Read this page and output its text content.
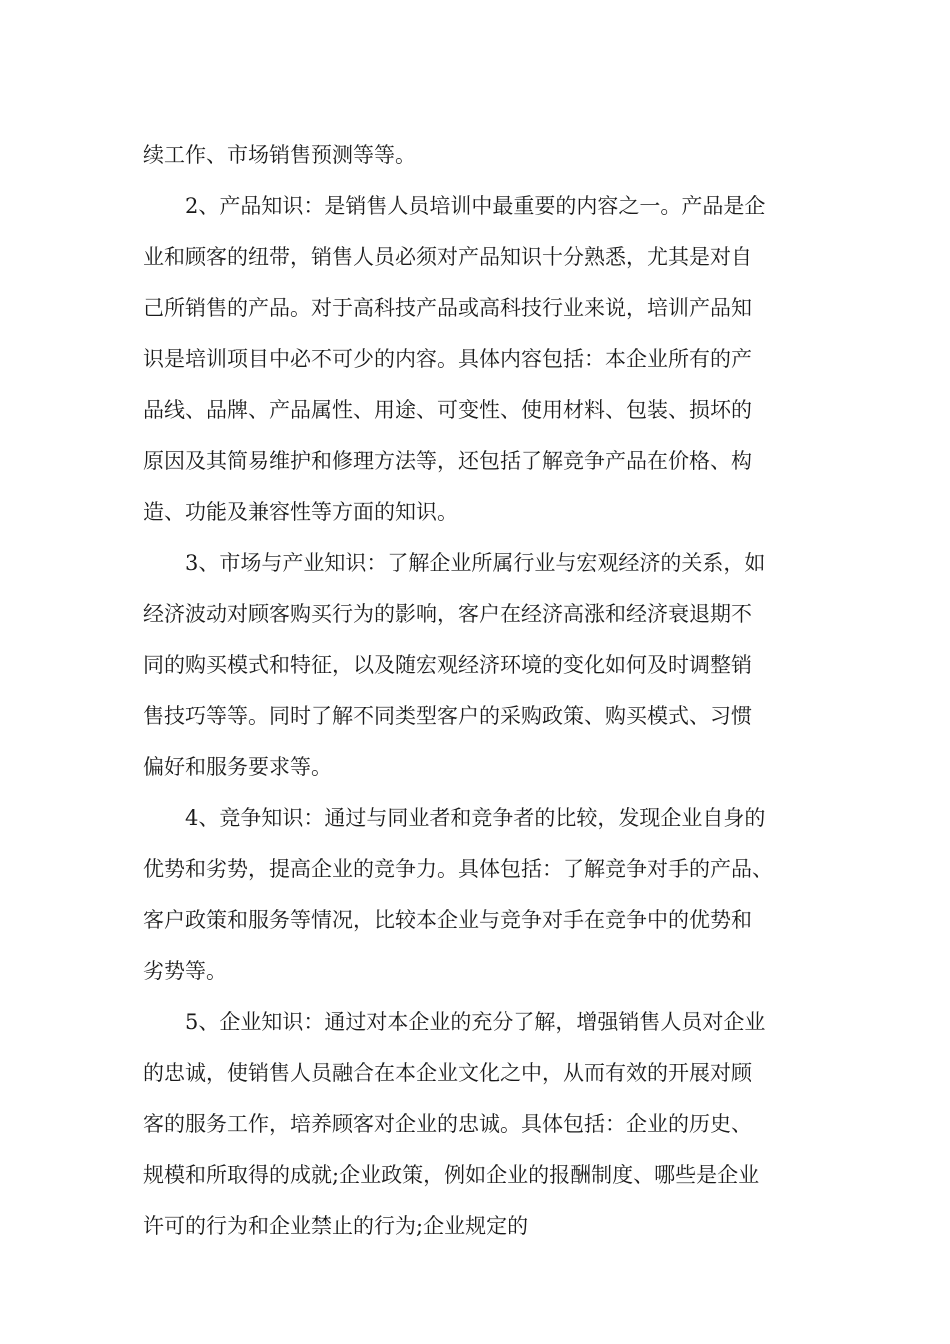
续工作、市场销售预测等等。
2、产品知识：是销售人员培训中最重要的内容之一。产品是企
业和顾客的纽带，销售人员必须对产品知识十分熟悉，尤其是对自
己所销售的产品。对于高科技产品或高科技行业来说，培训产品知
识是培训项目中必不可少的内容。具体内容包括：本企业所有的产
品线、品牌、产品属性、用途、可变性、使用材料、包装、损坏的
原因及其简易维护和修理方法等，还包括了解竞争产品在价格、构
造、功能及兼容性等方面的知识。
3、市场与产业知识：了解企业所属行业与宏观经济的关系，如
经济波动对顾客购买行为的影响，客户在经济高涨和经济衰退期不
同的购买模式和特征，以及随宏观经济环境的变化如何及时调整销
售技巧等等。同时了解不同类型客户的采购政策、购买模式、习惯
偏好和服务要求等。
4、竞争知识：通过与同业者和竞争者的比较，发现企业自身的
优势和劣势，提高企业的竞争力。具体包括：了解竞争对手的产品、
客户政策和服务等情况，比较本企业与竞争对手在竞争中的优势和
劣势等。
5、企业知识：通过对本企业的充分了解，增强销售人员对企业
的忠诚，使销售人员融合在本企业文化之中，从而有效的开展对顾
客的服务工作，培养顾客对企业的忠诚。具体包括：企业的历史、
规模和所取得的成就;企业政策，例如企业的报酬制度、哪些是企业
许可的行为和企业禁止的行为;企业规定的
